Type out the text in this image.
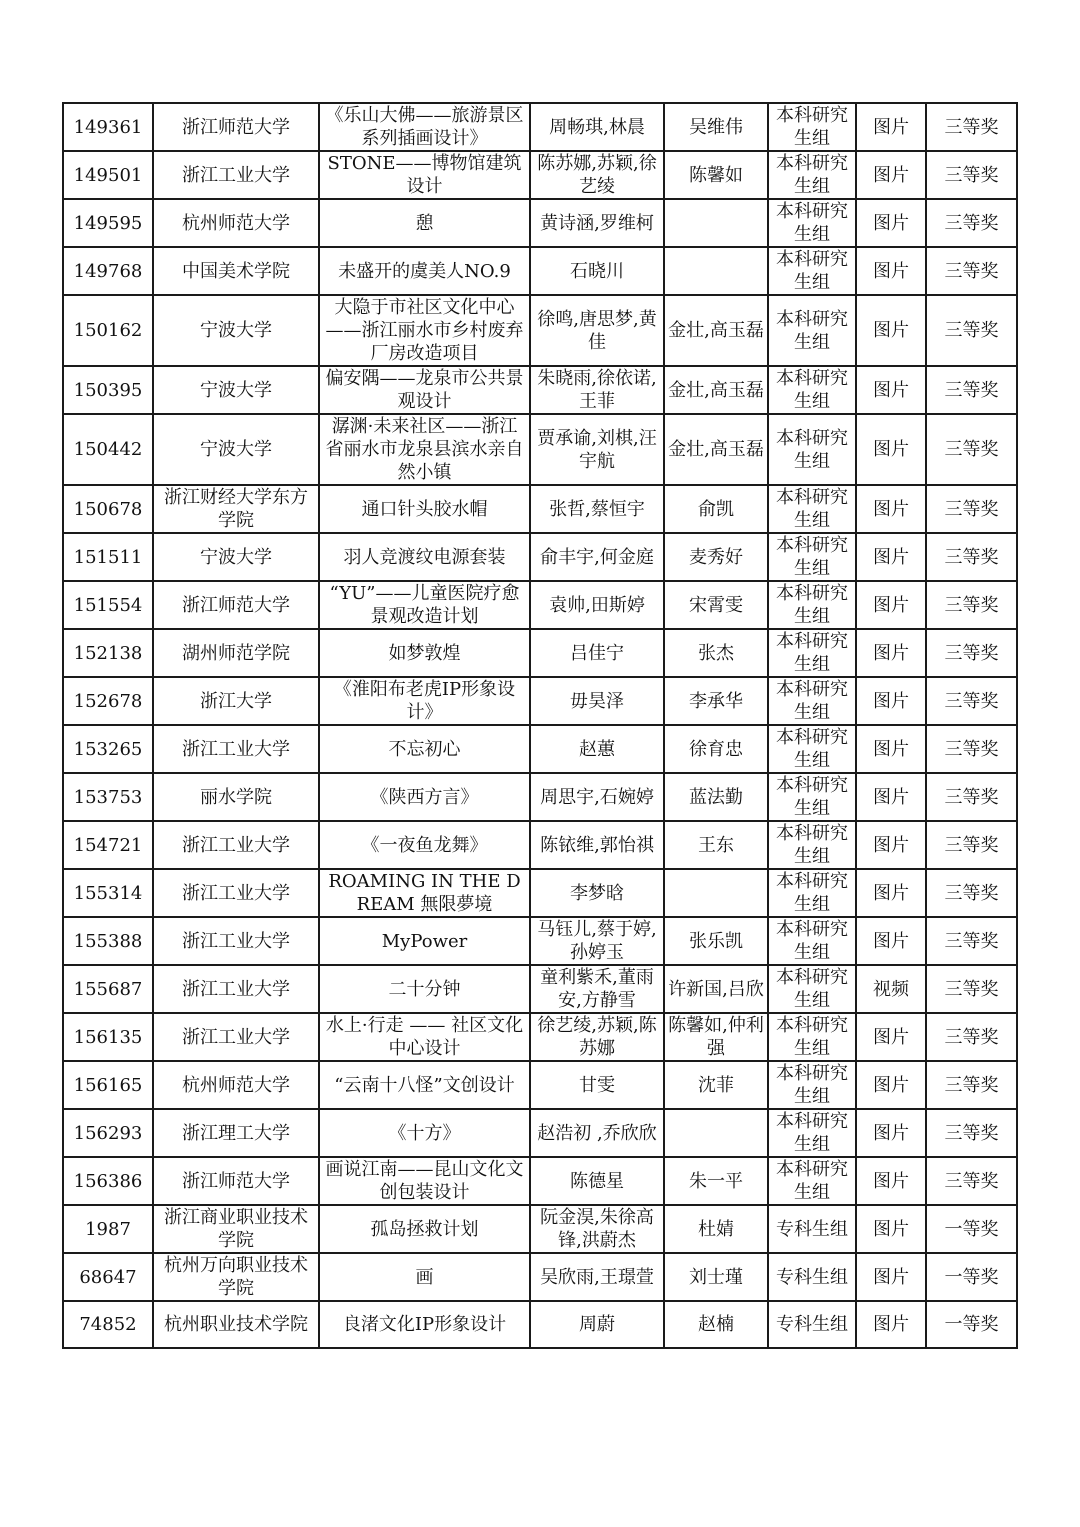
149361	浙江师范大学	《乐山大佛——旅游景区系列插画设计》	周畅琪,林晨	吴维伟	本科研究生组	图片	三等奖
149501	浙江工业大学	STONE——博物馆建筑设计	陈苏娜,苏颖,徐艺绫	陈馨如	本科研究生组	图片	三等奖
149595	杭州师范大学	憩	黄诗涵,罗维柯		本科研究生组	图片	三等奖
149768	中国美术学院	未盛开的虞美人NO.9	石晓川		本科研究生组	图片	三等奖
150162	宁波大学	大隐于市社区文化中心——浙江丽水市乡村废弃厂房改造项目	徐鸣,唐思梦,黄佳	金壮,高玉磊	本科研究生组	图片	三等奖
150395	宁波大学	偏安隅——龙泉市公共景观设计	朱晓雨,徐依诺,王菲	金壮,高玉磊	本科研究生组	图片	三等奖
150442	宁波大学	潺渊·未来社区——浙江省丽水市龙泉县滨水亲自然小镇	贾承谕,刘棋,汪宇航	金壮,高玉磊	本科研究生组	图片	三等奖
150678	浙江财经大学东方学院	通口针头胶水帽	张哲,蔡恒宇	俞凯	本科研究生组	图片	三等奖
151511	宁波大学	羽人竞渡纹电源套装	俞丰宇,何金庭	麦秀好	本科研究生组	图片	三等奖
151554	浙江师范大学	“YU”——儿童医院疗愈景观改造计划	袁帅,田斯婷	宋霄雯	本科研究生组	图片	三等奖
152138	湖州师范学院	如梦敦煌	吕佳宁	张杰	本科研究生组	图片	三等奖
152678	浙江大学	《淮阳布老虎IP形象设计》	毋昊泽	李承华	本科研究生组	图片	三等奖
153265	浙江工业大学	不忘初心	赵蕙	徐育忠	本科研究生组	图片	三等奖
153753	丽水学院	《陕西方言》	周思宇,石婉婷	蓝法勤	本科研究生组	图片	三等奖
154721	浙江工业大学	《一夜鱼龙舞》	陈铱维,郭怡祺	王东	本科研究生组	图片	三等奖
155314	浙江工业大学	ROAMING IN THE DREAM 無限夢境	李梦晗		本科研究生组	图片	三等奖
155388	浙江工业大学	MyPower	马钰儿,蔡于婷,孙婷玉	张乐凯	本科研究生组	图片	三等奖
155687	浙江工业大学	二十分钟	童利紫禾,董雨安,方静雪	许新国,吕欣	本科研究生组	视频	三等奖
156135	浙江工业大学	水上·行走 —— 社区文化中心设计	徐艺绫,苏颖,陈苏娜	陈馨如,仲利强	本科研究生组	图片	三等奖
156165	杭州师范大学	“云南十八怪”文创设计	甘雯	沈菲	本科研究生组	图片	三等奖
156293	浙江理工大学	《十方》	赵浩初 ,乔欣欣		本科研究生组	图片	三等奖
156386	浙江师范大学	画说江南——昆山文化文创包装设计	陈德星	朱一平	本科研究生组	图片	三等奖
1987	浙江商业职业技术学院	孤岛拯救计划	阮金淏,朱徐高锋,洪蔚杰	杜婧	专科生组	图片	一等奖
68647	杭州万向职业技术学院	画	吴欣雨,王璟萱	刘士瑾	专科生组	图片	一等奖
74852	杭州职业技术学院	良渚文化IP形象设计	周蔚	赵楠	专科生组	图片	一等奖
